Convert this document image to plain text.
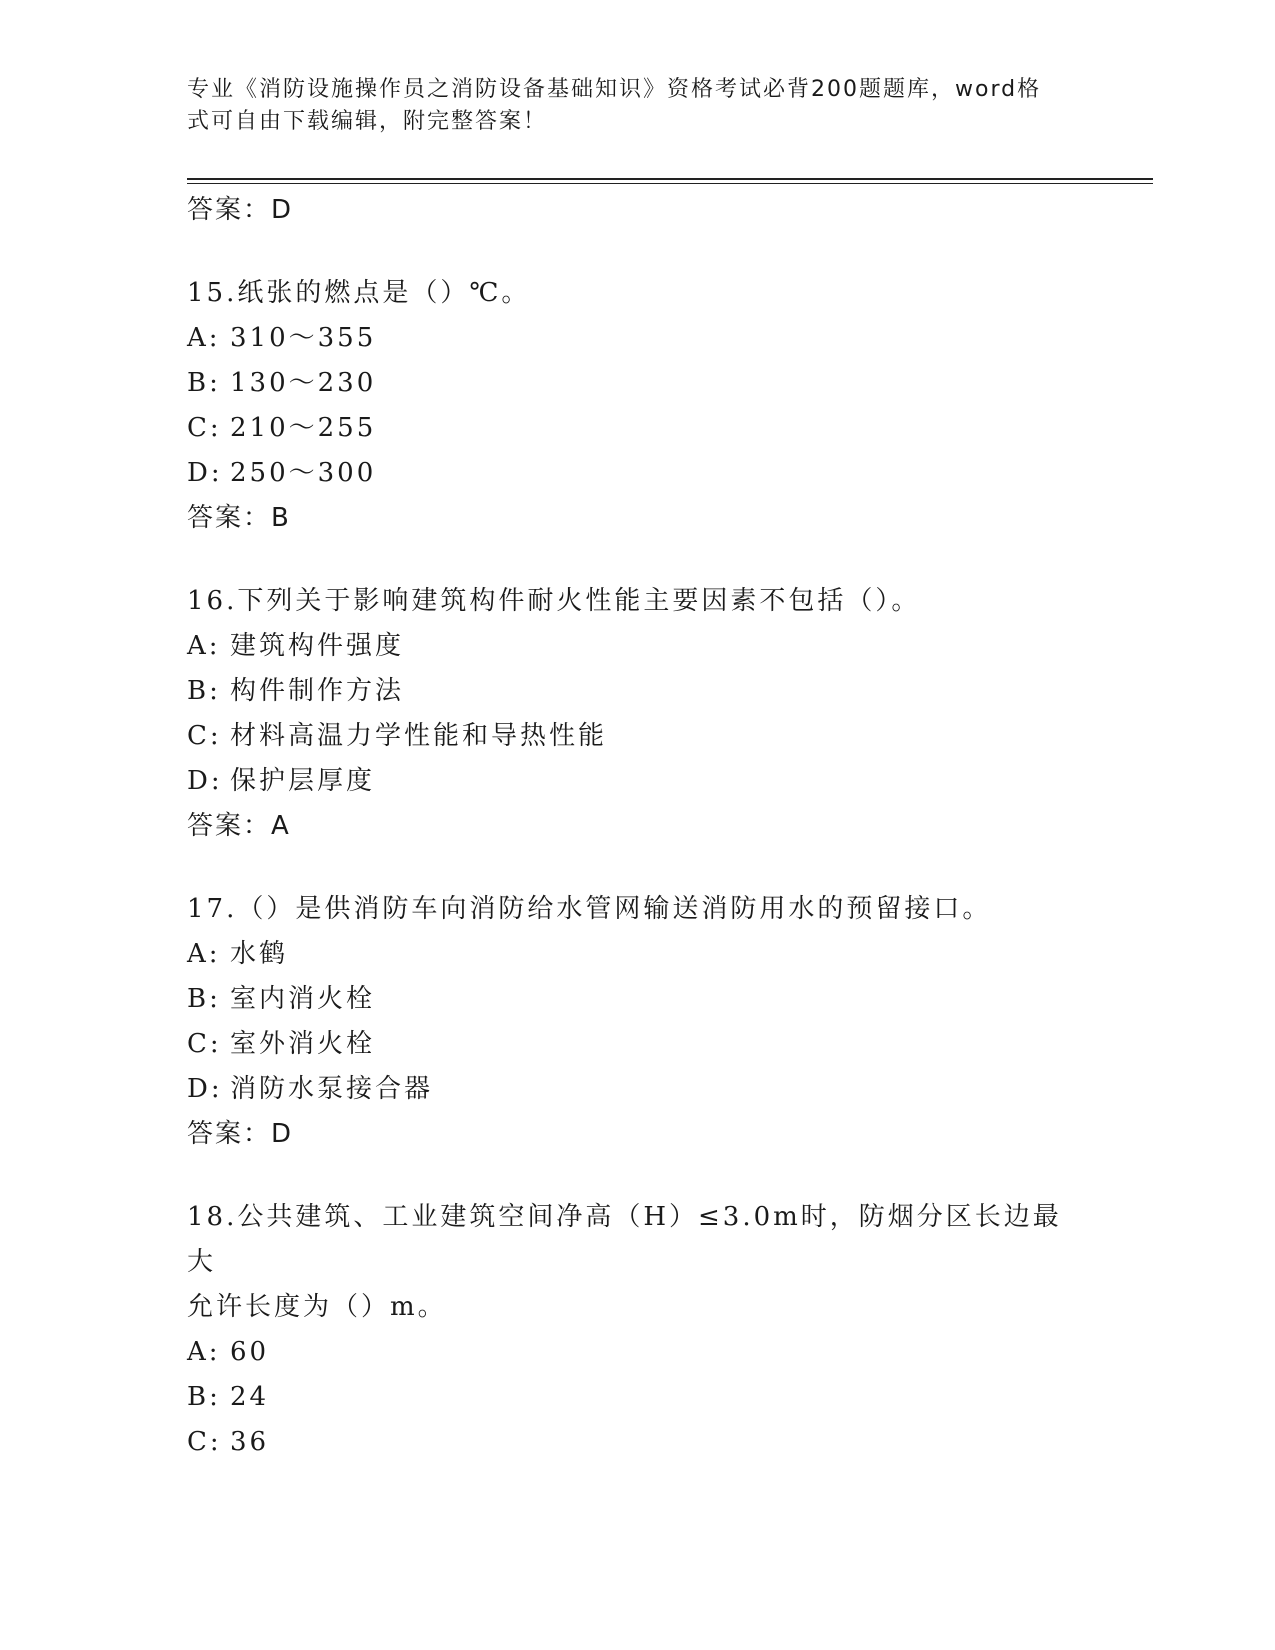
专业《消防设施操作员之消防设备基础知识》资格考试必背200题题库，word格
式可自由下载编辑，附完整答案！
答案：D
15.纸张的燃点是（）℃。
A: 310～355
B: 130～230
C: 210～255
D: 250～300
答案：B
16.下列关于影响建筑构件耐火性能主要因素不包括（）。
A: 建筑构件强度
B: 构件制作方法
C: 材料高温力学性能和导热性能
D: 保护层厚度
答案：A
17.（）是供消防车向消防给水管网输送消防用水的预留接口。
A: 水鹤
B: 室内消火栓
C: 室外消火栓
D: 消防水泵接合器
答案：D
18.公共建筑、工业建筑空间净高（H）≤3.0m时，防烟分区长边最大
允许长度为（）m。
A: 60
B: 24
C: 36
